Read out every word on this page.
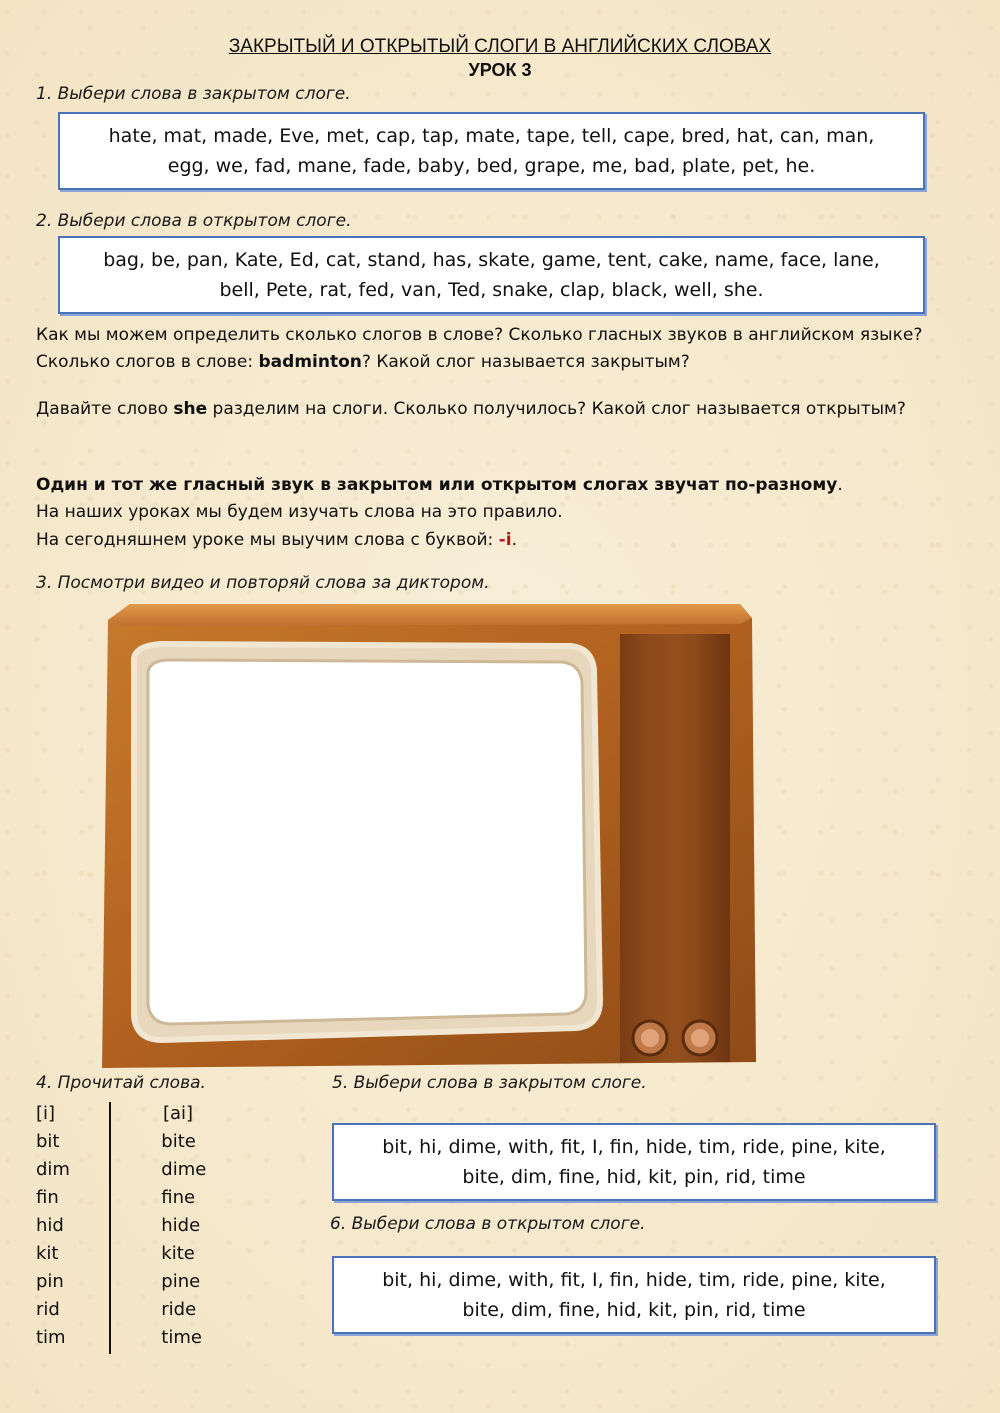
ЗАКРЫТЫЙ И ОТКРЫТЫЙ СЛОГИ В АНГЛИЙСКИХ СЛОВАХ
УРОК 3
1. Выбери слова в закрытом слоге.
hate, mat, made, Eve, met, cap, tap, mate, tape, tell, cape, bred, hat, can, man,
egg, we, fad, mane, fade, baby, bed, grape, me, bad, plate, pet, he.
2. Выбери слова в открытом слоге.
bag, be, pan, Kate, Ed, cat, stand, has, skate, game, tent, cake, name, face, lane,
bell, Pete, rat, fed, van, Ted, snake, clap, black, well, she.
Как мы можем определить сколько слогов в слове? Сколько гласных звуков в английском языке? Сколько слогов в слове: badminton? Какой слог называется закрытым?
Давайте слово she разделим на слоги. Сколько получилось? Какой слог называется открытым?
Один и тот же гласный звук в закрытом или открытом слогах звучат по-разному.
На наших уроках мы будем изучать слова на это правило.
На сегодняшнем уроке мы выучим слова с буквой: -i.
3. Посмотри видео и повторяй слова за диктором.
4. Прочитай слова.
[i]	[ai]
bit	bite
dim	dime
fin	fine
hid	hide
kit	kite
pin	pine
rid	ride
tim	time
5. Выбери слова в закрытом слоге.
bit, hi, dime, with, fit, I, fin, hide, tim, ride, pine, kite,
bite, dim, fine, hid, kit, pin, rid, time
6. Выбери слова в открытом слоге.
bit, hi, dime, with, fit, I, fin, hide, tim, ride, pine, kite,
bite, dim, fine, hid, kit, pin, rid, time
